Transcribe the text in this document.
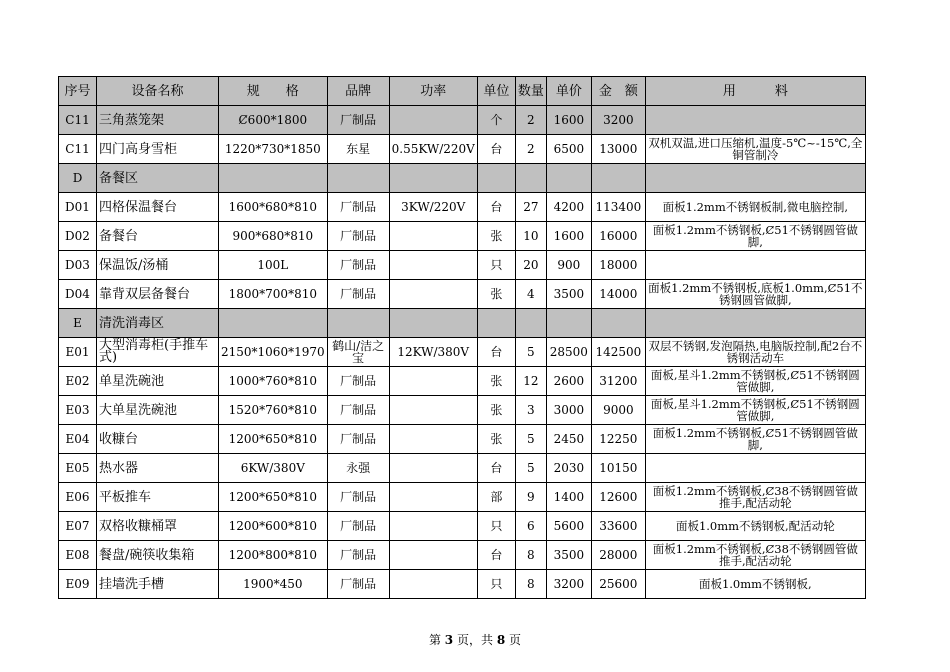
序号	设备名称	规　　格	品牌	功率	单位	数量	单价	金　额	用　　　料
C11	三角蒸笼架	Ȼ600*1800	厂制品		个	2	1600	3200	
C11	四门高身雪柜	1220*730*1850	东星	0.55KW/220V	台	2	6500	13000	双机双温,进口压缩机,温度-5℃~-15℃,全铜管制冷
D	备餐区								
D01	四格保温餐台	1600*680*810	厂制品	3KW/220V	台	27	4200	113400	面板1.2mm不锈钢板制,微电脑控制,
D02	备餐台	900*680*810	厂制品		张	10	1600	16000	面板1.2mm不锈钢板,Ȼ51不锈钢圆管做脚,
D03	保温饭/汤桶	100L	厂制品		只	20	900	18000	
D04	靠背双层备餐台	1800*700*810	厂制品		张	4	3500	14000	面板1.2mm不锈钢板,底板1.0mm,Ȼ51不锈钢圆管做脚,
E	清洗消毒区								
E01	大型消毒柜(手推车式)	2150*1060*1970	鹤山/洁之宝	12KW/380V	台	5	28500	142500	双层不锈钢,发泡隔热,电脑版控制,配2台不锈钢活动车
E02	单星洗碗池	1000*760*810	厂制品		张	12	2600	31200	面板,星斗1.2mm不锈钢板,Ȼ51不锈钢圆管做脚,
E03	大单星洗碗池	1520*760*810	厂制品		张	3	3000	9000	面板,星斗1.2mm不锈钢板,Ȼ51不锈钢圆管做脚,
E04	收糠台	1200*650*810	厂制品		张	5	2450	12250	面板1.2mm不锈钢板,Ȼ51不锈钢圆管做脚,
E05	热水器	6KW/380V	永强		台	5	2030	10150	
E06	平板推车	1200*650*810	厂制品		部	9	1400	12600	面板1.2mm不锈钢板,Ȼ38不锈钢圆管做推手,配活动轮
E07	双格收糠桶罩	1200*600*810	厂制品		只	6	5600	33600	面板1.0mm不锈钢板,配活动轮
E08	餐盘/碗筷收集箱	1200*800*810	厂制品		台	8	3500	28000	面板1.2mm不锈钢板,Ȼ38不锈钢圆管做推手,配活动轮
E09	挂墙洗手槽	1900*450	厂制品		只	8	3200	25600	面板1.0mm不锈钢板,
第 3 页，共 8 页
